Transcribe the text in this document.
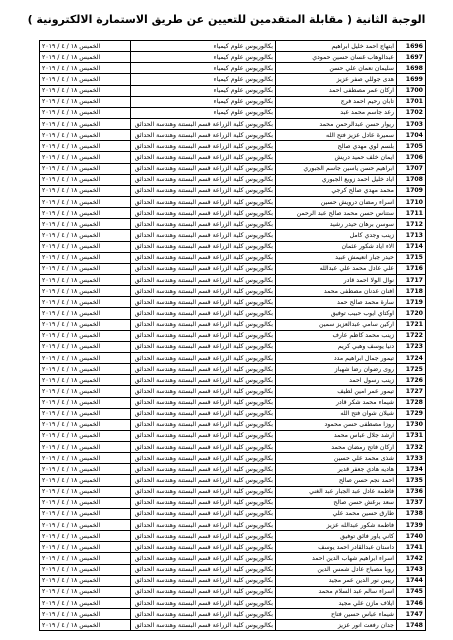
الوجبة الثانية ( مقابلة المتقدمين للتعيين عن طريق الاستمارة الالكترونية )
1696	ابتهاج احمد خليل ابراهيم	بكالوريوس علوم كيمياء	الخميس ١٨ / ٤ / ٢٠١٩
1697	عبدالوهاب غسان حسين حمودي	بكالوريوس علوم كيمياء	الخميس ١٨ / ٤ / ٢٠١٩
1698	سليمان نعمان علي حسن	بكالوريوس علوم كيمياء	الخميس ١٨ / ٤ / ٢٠١٩
1699	هدى جوللي صفر عزيز	بكالوريوس علوم كيمياء	الخميس ١٨ / ٤ / ٢٠١٩
1700	اركان عمر مصطفى احمد	بكالوريوس علوم كيمياء	الخميس ١٨ / ٤ / ٢٠١٩
1701	تابان رحيم احمد فرج	بكالوريوس علوم كيمياء	الخميس ١٨ / ٤ / ٢٠١٩
1702	رعد جاسم محمد عبد	بكالوريوس علوم كيمياء	الخميس ١٨ / ٤ / ٢٠١٩
1703	ريوار حسن عبدالرحمن محمد	بكالوريوس كلية الزراعة قسم البستنة وهندسة الحدائق	الخميس ١٨ / ٤ / ٢٠١٩
1704	سميرة عادل عزيز فتح الله	بكالوريوس كلية الزراعة قسم البستنة وهندسة الحدائق	الخميس ١٨ / ٤ / ٢٠١٩
1705	بلسم لوي مهدي صالح	بكالوريوس كلية الزراعة قسم البستنة وهندسة الحدائق	الخميس ١٨ / ٤ / ٢٠١٩
1706	ايمان خلف حميد دريش	بكالوريوس كلية الزراعة قسم البستنة وهندسة الحدائق	الخميس ١٨ / ٤ / ٢٠١٩
1707	ابراهيم حسن ياسين جاسم الجبوري	بكالوريوس كلية الزراعة قسم البستنة وهندسة الحدائق	الخميس ١٨ / ٤ / ٢٠١٩
1708	اياد خليل احمد زويع الجبوري	بكالوريوس كلية الزراعة قسم البستنة وهندسة الحدائق	الخميس ١٨ / ٤ / ٢٠١٩
1709	محمد مهدي صالح كرجي	بكالوريوس كلية الزراعة قسم البستنة وهندسة الحدائق	الخميس ١٨ / ٤ / ٢٠١٩
1710	اسراء رمضان درويش حسين	بكالوريوس كلية الزراعة قسم البستنة وهندسة الحدائق	الخميس ١٨ / ٤ / ٢٠١٩
1711	ستناس حسن محمد صالح عبد الرحمن	بكالوريوس كلية الزراعة قسم البستنة وهندسة الحدائق	الخميس ١٨ / ٤ / ٢٠١٩
1712	سوسن برهان حيدر رشيد	بكالوريوس كلية الزراعة قسم البستنة وهندسة الحدائق	الخميس ١٨ / ٤ / ٢٠١٩
1713	زينب وجدي كامل	بكالوريوس كلية الزراعة قسم البستنة وهندسة الحدائق	الخميس ١٨ / ٤ / ٢٠١٩
1714	الاء اياد شكور عثمان	بكالوريوس كلية الزراعة قسم البستنة وهندسة الحدائق	الخميس ١٨ / ٤ / ٢٠١٩
1715	حيدر جبار انعيمش عبيد	بكالوريوس كلية الزراعة قسم البستنة وهندسة الحدائق	الخميس ١٨ / ٤ / ٢٠١٩
1716	علي عادل محمد علي عبدالله	بكالوريوس كلية الزراعة قسم البستنة وهندسة الحدائق	الخميس ١٨ / ٤ / ٢٠١٩
1717	نوال الولا احمد قادر	بكالوريوس كلية الزراعة قسم البستنة وهندسة الحدائق	الخميس ١٨ / ٤ / ٢٠١٩
1718	افنان عدنان مصطفى محمد	بكالوريوس كلية الزراعة قسم البستنة وهندسة الحدائق	الخميس ١٨ / ٤ / ٢٠١٩
1719	سارة محمد صالح حمد	بكالوريوس كلية الزراعة قسم البستنة وهندسة الحدائق	الخميس ١٨ / ٤ / ٢٠١٩
1720	اوكتاي ايوب حبيب توفيق	بكالوريوس كلية الزراعة قسم البستنة وهندسة الحدائق	الخميس ١٨ / ٤ / ٢٠١٩
1721	اركين سامي عبدالعزيز سمين	بكالوريوس كلية الزراعة قسم البستنة وهندسة الحدائق	الخميس ١٨ / ٤ / ٢٠١٩
1722	زينب محمد كاظم عارف	بكالوريوس كلية الزراعة قسم البستنة وهندسة الحدائق	الخميس ١٨ / ٤ / ٢٠١٩
1723	دنيا يوسف وهبي كريم	بكالوريوس كلية الزراعة قسم البستنة وهندسة الحدائق	الخميس ١٨ / ٤ / ٢٠١٩
1724	تيمور جمال ابراهيم مدد	بكالوريوس كلية الزراعة قسم البستنة وهندسة الحدائق	الخميس ١٨ / ٤ / ٢٠١٩
1725	روى رضوان رضا شهباز	بكالوريوس كلية الزراعة قسم البستنة وهندسة الحدائق	الخميس ١٨ / ٤ / ٢٠١٩
1726	زينب رسول احمد	بكالوريوس كلية الزراعة قسم البستنة وهندسة الحدائق	الخميس ١٨ / ٤ / ٢٠١٩
1727	تيمور عمر امين لطيف	بكالوريوس كلية الزراعة قسم البستنة وهندسة الحدائق	الخميس ١٨ / ٤ / ٢٠١٩
1728	شيماء محمد شكر قادر	بكالوريوس كلية الزراعة قسم البستنة وهندسة الحدائق	الخميس ١٨ / ٤ / ٢٠١٩
1729	شيلان شوان فتح الله	بكالوريوس كلية الزراعة قسم البستنة وهندسة الحدائق	الخميس ١٨ / ٤ / ٢٠١٩
1730	روزا مصطفى حسن محمود	بكالوريوس كلية الزراعة قسم البستنة وهندسة الحدائق	الخميس ١٨ / ٤ / ٢٠١٩
1731	ارشد جلال عباس محمد	بكالوريوس كلية الزراعة قسم البستنة وهندسة الحدائق	الخميس ١٨ / ٤ / ٢٠١٩
1732	اركان فاتح رمضان محمد	بكالوريوس كلية الزراعة قسم البستنة وهندسة الحدائق	الخميس ١٨ / ٤ / ٢٠١٩
1733	شذى محمد علي حسين	بكالوريوس كلية الزراعة قسم البستنة وهندسة الحدائق	الخميس ١٨ / ٤ / ٢٠١٩
1734	هاديه هادي جعفر قدير	بكالوريوس كلية الزراعة قسم البستنة وهندسة الحدائق	الخميس ١٨ / ٤ / ٢٠١٩
1735	احمد نجم حسن صالح	بكالوريوس كلية الزراعة قسم البستنة وهندسة الحدائق	الخميس ١٨ / ٤ / ٢٠١٩
1736	فاطمة عادل عبد الجبار عبد الغني	بكالوريوس كلية الزراعة قسم البستنة وهندسة الحدائق	الخميس ١٨ / ٤ / ٢٠١٩
1737	سعد برغش حسن صالح	بكالوريوس كلية الزراعة قسم البستنة وهندسة الحدائق	الخميس ١٨ / ٤ / ٢٠١٩
1738	طارق حسين محمد علي	بكالوريوس كلية الزراعة قسم البستنة وهندسة الحدائق	الخميس ١٨ / ٤ / ٢٠١٩
1739	فاطمة شكور عبدالله عزيز	بكالوريوس كلية الزراعة قسم البستنة وهندسة الحدائق	الخميس ١٨ / ٤ / ٢٠١٩
1740	كاني ياور فائق توفيق	بكالوريوس كلية الزراعة قسم البستنة وهندسة الحدائق	الخميس ١٨ / ٤ / ٢٠١٩
1741	داستان عبدالقادر احمد يوسف	بكالوريوس كلية الزراعة قسم البستنة وهندسة الحدائق	الخميس ١٨ / ٤ / ٢٠١٩
1742	اسراء ابراهيم شهاب الدين احمد	بكالوريوس كلية الزراعة قسم البستنة وهندسة الحدائق	الخميس ١٨ / ٤ / ٢٠١٩
1743	روبا مصباح عادل شمس الدين	بكالوريوس كلية الزراعة قسم البستنة وهندسة الحدائق	الخميس ١٨ / ٤ / ٢٠١٩
1744	ريبين نور الدين عمر مجيد	بكالوريوس كلية الزراعة قسم البستنة وهندسة الحدائق	الخميس ١٨ / ٤ / ٢٠١٩
1745	اسراء سالم عبد السلام محمد	بكالوريوس كلية الزراعة قسم البستنة وهندسة الحدائق	الخميس ١٨ / ٤ / ٢٠١٩
1746	ايلاف مازن علي مجيد	بكالوريوس كلية الزراعة قسم البستنة وهندسة الحدائق	الخميس ١٨ / ٤ / ٢٠١٩
1747	شيماء عباس حسين فتاح	بكالوريوس كلية الزراعة قسم البستنة وهندسة الحدائق	الخميس ١٨ / ٤ / ٢٠١٩
1748	جدان رفعت انور عزيز	بكالوريوس كلية الزراعة قسم البستنة وهندسة الحدائق	الخميس ١٨ / ٤ / ٢٠١٩
